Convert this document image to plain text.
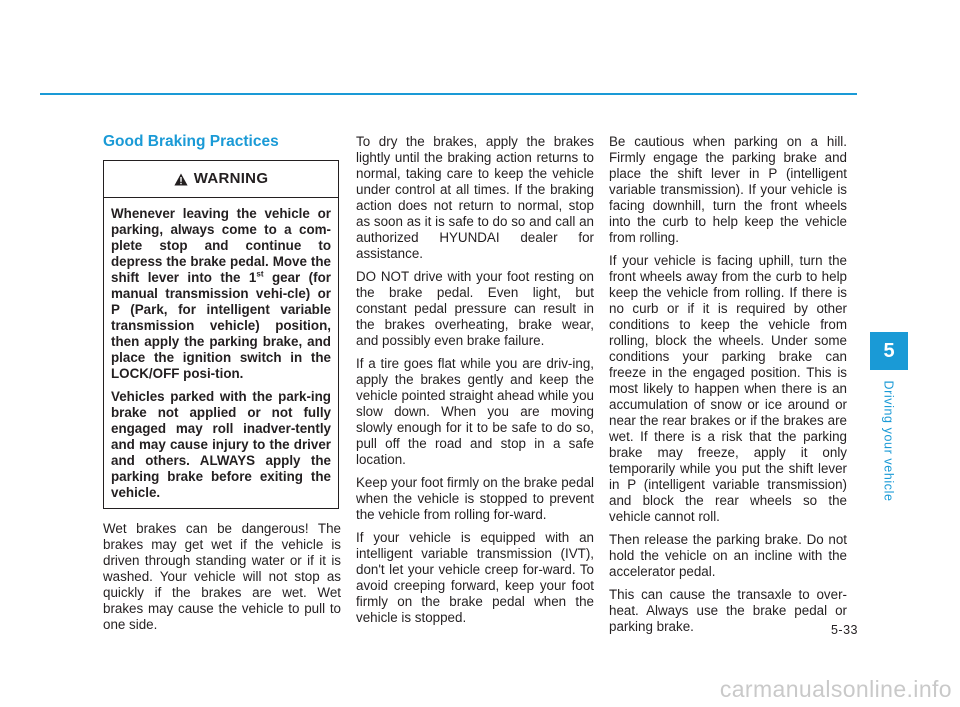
Good Braking Practices
WARNING

Whenever leaving the vehicle or parking, always come to a com-plete stop and continue to depress the brake pedal. Move the shift lever into the 1st gear (for manual transmission vehi-cle) or P (Park, for intelligent variable transmission vehicle) position, then apply the parking brake, and place the ignition switch in the LOCK/OFF posi-tion.

Vehicles parked with the park-ing brake not applied or not fully engaged may roll inadver-tently and may cause injury to the driver and others. ALWAYS apply the parking brake before exiting the vehicle.

Wet brakes can be dangerous! The brakes may get wet if the vehicle is driven through standing water or if it is washed. Your vehicle will not stop as quickly if the brakes are wet. Wet brakes may cause the vehicle to pull to one side.

To dry the brakes, apply the brakes lightly until the braking action returns to normal, taking care to keep the vehicle under control at all times. If the braking action does not return to normal, stop as soon as it is safe to do so and call an authorized HYUNDAI dealer for assistance.

DO NOT drive with your foot resting on the brake pedal. Even light, but constant pedal pressure can result in the brakes overheating, brake wear, and possibly even brake failure.

If a tire goes flat while you are driv-ing, apply the brakes gently and keep the vehicle pointed straight ahead while you slow down. When you are moving slowly enough for it to be safe to do so, pull off the road and stop in a safe location.

Keep your foot firmly on the brake pedal when the vehicle is stopped to prevent the vehicle from rolling for-ward.

If your vehicle is equipped with an intelligent variable transmission (IVT), don't let your vehicle creep for-ward. To avoid creeping forward, keep your foot firmly on the brake pedal when the vehicle is stopped.

Be cautious when parking on a hill. Firmly engage the parking brake and place the shift lever in P (intelligent variable transmission). If your vehicle is facing downhill, turn the front wheels into the curb to help keep the vehicle from rolling.

If your vehicle is facing uphill, turn the front wheels away from the curb to help keep the vehicle from rolling. If there is no curb or if it is required by other conditions to keep the vehicle from rolling, block the wheels. Under some conditions your parking brake can freeze in the engaged position. This is most likely to happen when there is an accumulation of snow or ice around or near the rear brakes or if the brakes are wet. If there is a risk that the parking brake may freeze, apply it only temporarily while you put the shift lever in P (intelligent variable transmission) and block the rear wheels so the vehicle cannot roll.

Then release the parking brake. Do not hold the vehicle on an incline with the accelerator pedal.

This can cause the transaxle to over-heat. Always use the brake pedal or parking brake.

5
Driving your vehicle
5-33
carmanualsonline.info
